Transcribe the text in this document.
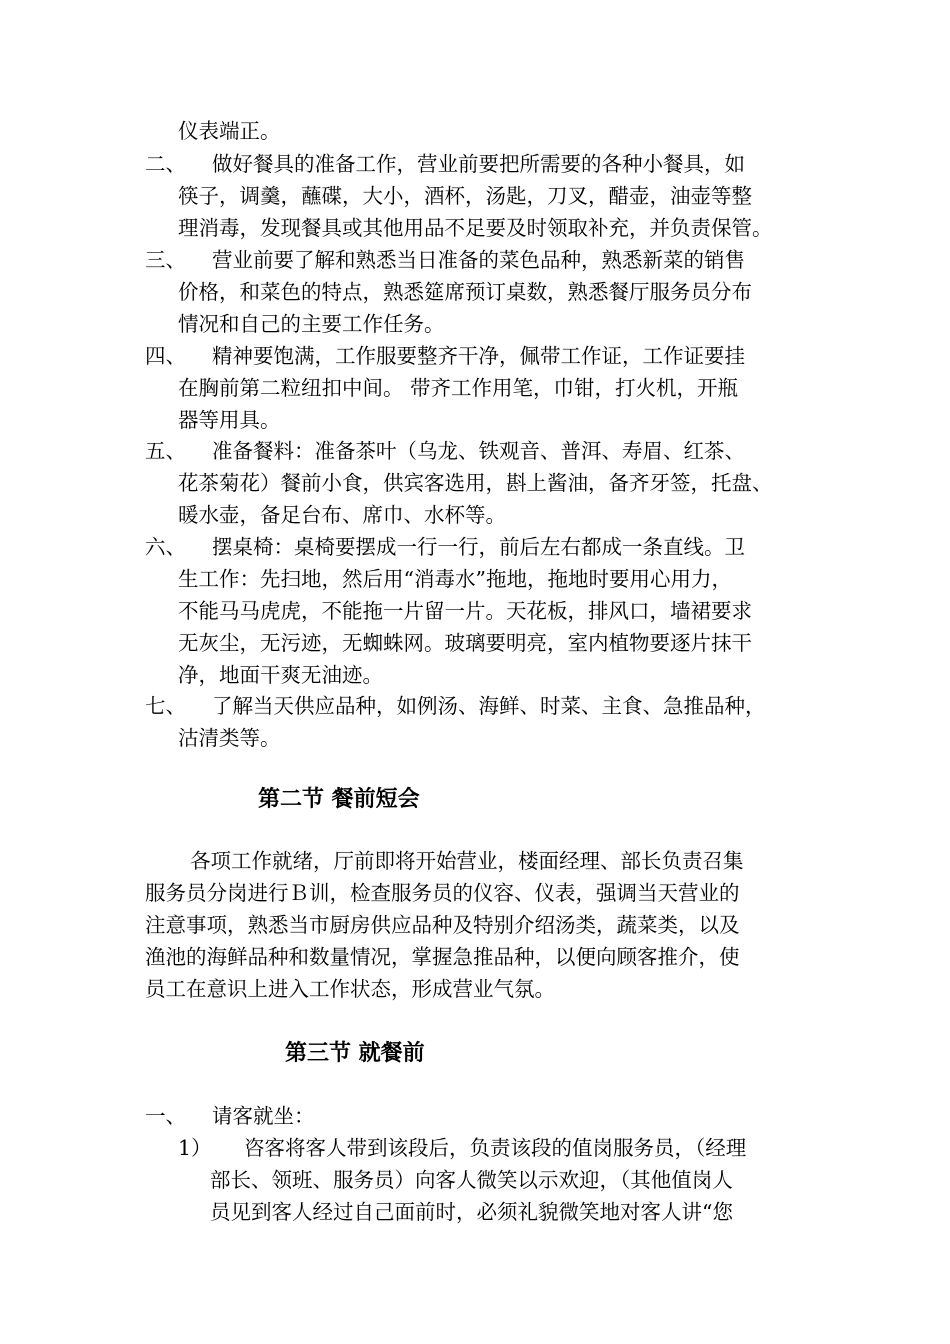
仪表端正。
二、 做好餐具的准备工作，营业前要把所需要的各种小餐具，如
筷子，调羹，蘸碟，大小，酒杯，汤匙，刀叉，醋壶，油壶等整
理消毒，发现餐具或其他用品不足要及时领取补充，并负责保管。
三、 营业前要了解和熟悉当日准备的菜色品种，熟悉新菜的销售
价格，和菜色的特点，熟悉筵席预订桌数，熟悉餐厅服务员分布
情况和自己的主要工作任务。
四、 精神要饱满，工作服要整齐干净，佩带工作证，工作证要挂
在胸前第二粒纽扣中间。 带齐工作用笔，巾钳，打火机，开瓶
器等用具。
五、 准备餐料：准备茶叶（乌龙、铁观音、普洱、寿眉、红茶、
花茶菊花）餐前小食，供宾客选用，斟上酱油，备齐牙签，托盘、
暖水壶，备足台布、席巾、水杯等。
六、 摆桌椅：桌椅要摆成一行一行，前后左右都成一条直线。卫
生工作：先扫地，然后用“消毒水”拖地，拖地时要用心用力，
不能马马虎虎，不能拖一片留一片。天花板，排风口，墙裙要求
无灰尘，无污迹，无蜘蛛网。玻璃要明亮，室内植物要逐片抹干
净，地面干爽无油迹。
七、 了解当天供应品种，如例汤、海鲜、时菜、主食、急推品种，
沽清类等。
第二节 餐前短会
各项工作就绪，厅前即将开始营业，楼面经理、部长负责召集
服务员分岗进行Ｂ训，检查服务员的仪容、仪表，强调当天营业的
注意事项，熟悉当市厨房供应品种及特别介绍汤类，蔬菜类，以及
渔池的海鲜品种和数量情况，掌握急推品种，以便向顾客推介，使
员工在意识上进入工作状态，形成营业气氛。
第三节 就餐前
一、 请客就坐：
1） 咨客将客人带到该段后，负责该段的值岗服务员，（经理
部长、领班、服务员）向客人微笑以示欢迎，（其他值岗人
员见到客人经过自己面前时，必须礼貌微笑地对客人讲“您
